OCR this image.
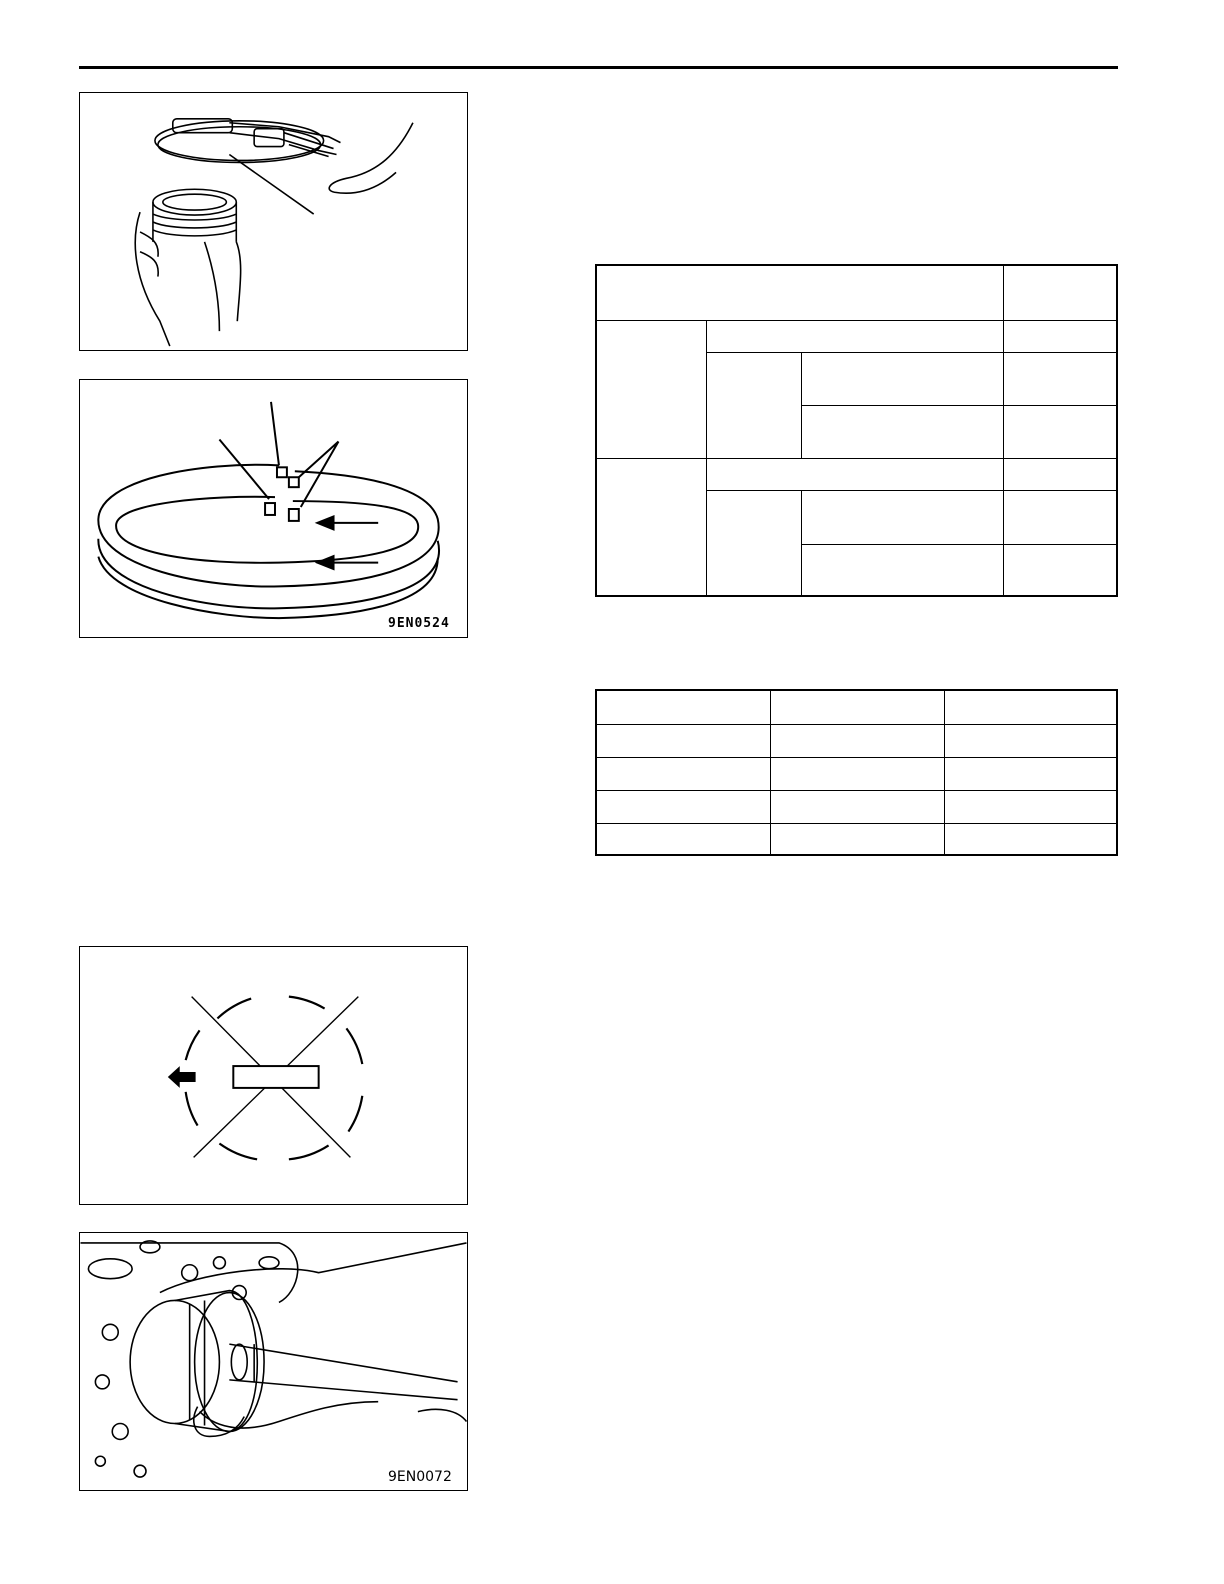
9EN0524
9EN0072
